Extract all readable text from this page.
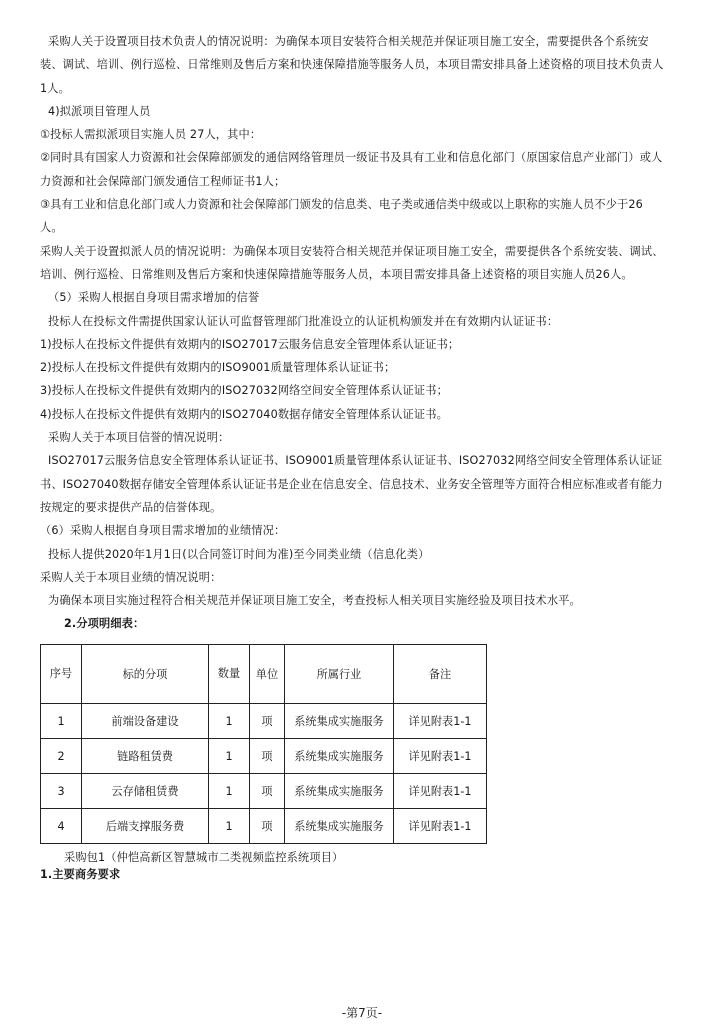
采购人关于设置项目技术负责人的情况说明：为确保本项目安装符合相关规范并保证项目施工安全，需要提供各个系统安

装、调试、培训、例行巡检、日常维则及售后方案和快速保障措施等服务人员，本项目需安排具备上述资格的项目技术负责人

1人。

4)拟派项目管理人员

①投标人需拟派项目实施人员 27人，其中：

②同时具有国家人力资源和社会保障部颁发的通信网络管理员一级证书及具有工业和信息化部门（原国家信息产业部门）或人

力资源和社会保障部门颁发通信工程师证书1人；

③具有工业和信息化部门或人力资源和社会保障部门颁发的信息类、电子类或通信类中级或以上职称的实施人员不少于26

人。

采购人关于设置拟派人员的情况说明：为确保本项目安装符合相关规范并保证项目施工安全，需要提供各个系统安装、调试、

培训、例行巡检、日常维则及售后方案和快速保障措施等服务人员，本项目需安排具备上述资格的项目实施人员26人。

（5）采购人根据自身项目需求增加的信誉

投标人在投标文件需提供国家认证认可监督管理部门批准设立的认证机构颁发并在有效期内认证证书：

1)投标人在投标文件提供有效期内的ISO27017云服务信息安全管理体系认证证书；

2)投标人在投标文件提供有效期内的ISO9001质量管理体系认证证书；

3)投标人在投标文件提供有效期内的ISO27032网络空间安全管理体系认证证书；

4)投标人在投标文件提供有效期内的ISO27040数据存储安全管理体系认证证书。

采购人关于本项目信誉的情况说明：

ISO27017云服务信息安全管理体系认证证书、ISO9001质量管理体系认证证书、ISO27032网络空间安全管理体系认证证

书、ISO27040数据存储安全管理体系认证证书是企业在信息安全、信息技术、业务安全管理等方面符合相应标准或者有能力

按规定的要求提供产品的信誉体现。

（6）采购人根据自身项目需求增加的业绩情况：

投标人提供2020年1月1日(以合同签订时间为准)至今同类业绩（信息化类）

采购人关于本项目业绩的情况说明：

为确保本项目实施过程符合相关规范并保证项目施工安全，考查投标人相关项目实施经验及项目技术水平。

2.分项明细表：

序号	标的分项	数量	单位	所属行业	备注
1	前端设备建设	1	项	系统集成实施服务	详见附表1-1
2	链路租赁费	1	项	系统集成实施服务	详见附表1-1
3	云存储租赁费	1	项	系统集成实施服务	详见附表1-1
4	后端支撑服务费	1	项	系统集成实施服务	详见附表1-1

采购包1（仲恺高新区智慧城市二类视频监控系统项目）

1.主要商务要求

-第7页-
